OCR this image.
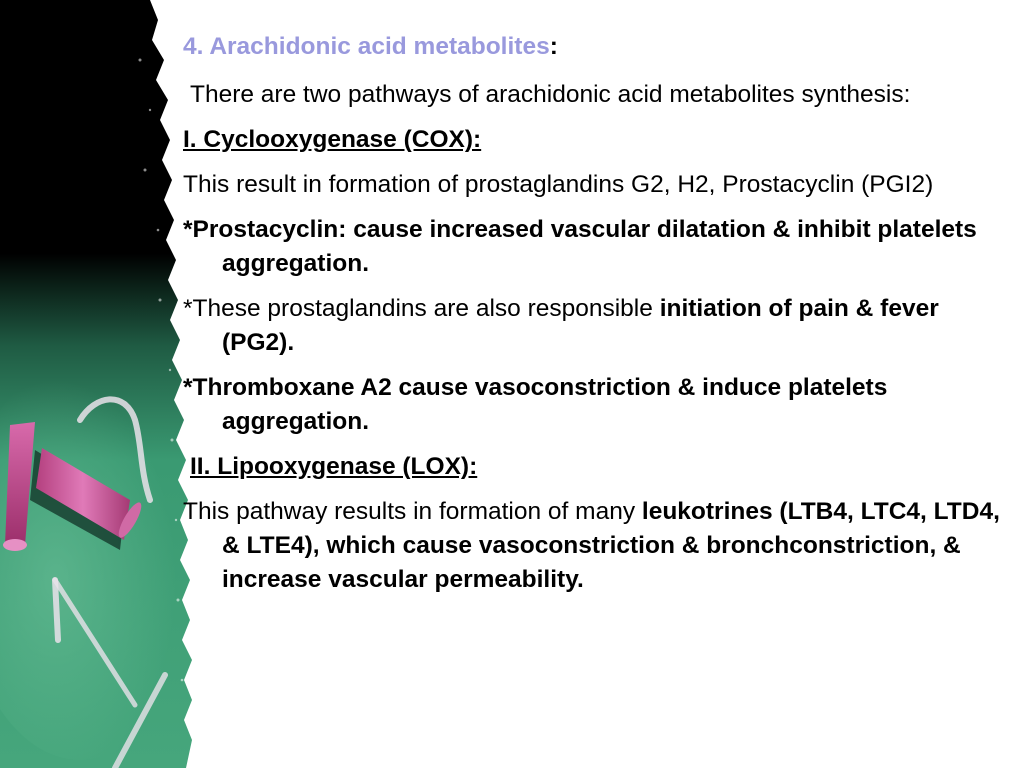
4. Arachidonic acid metabolites:

There are two pathways of arachidonic acid metabolites synthesis:

I. Cyclooxygenase (COX):

This result in formation of prostaglandins G2, H2, Prostacyclin (PGI2)

*Prostacyclin: cause increased vascular dilatation & inhibit platelets aggregation.

*These prostaglandins are also responsible initiation of pain & fever (PG2).

*Thromboxane A2 cause vasoconstriction & induce platelets aggregation.

II. Lipooxygenase (LOX):

This pathway results in formation of many leukotrines (LTB4, LTC4, LTD4, & LTE4), which cause vasoconstriction & bronchconstriction, & increase vascular permeability.
